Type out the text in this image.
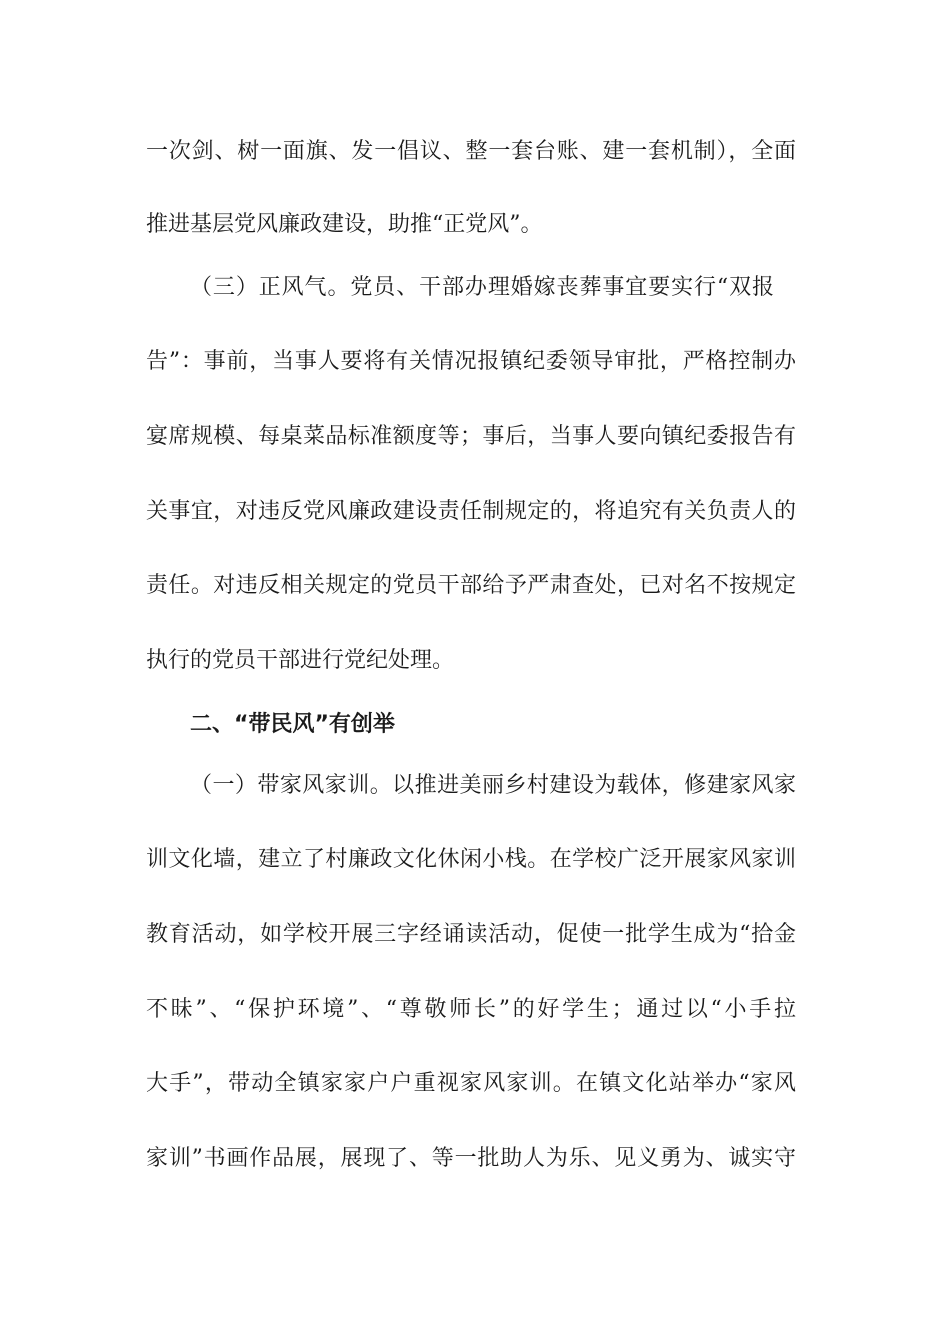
一次剑、树一面旗、发一倡议、整一套台账、建一套机制），全面
推进基层党风廉政建设，助推“正党风”。
（三）正风气。党员、干部办理婚嫁丧葬事宜要实行“双报
告”：事前，当事人要将有关情况报镇纪委领导审批，严格控制办
宴席规模、每桌菜品标准额度等；事后，当事人要向镇纪委报告有
关事宜，对违反党风廉政建设责任制规定的，将追究有关负责人的
责任。对违反相关规定的党员干部给予严肃查处，已对名不按规定
执行的党员干部进行党纪处理。
二、“带民风”有创举
（一）带家风家训。以推进美丽乡村建设为载体，修建家风家
训文化墙，建立了村廉政文化休闲小栈。在学校广泛开展家风家训
教育活动，如学校开展三字经诵读活动，促使一批学生成为“拾金
不昧”、“保护环境”、“尊敬师长”的好学生；通过以“小手拉
大手”，带动全镇家家户户重视家风家训。在镇文化站举办“家风
家训”书画作品展，展现了、等一批助人为乐、见义勇为、诚实守
